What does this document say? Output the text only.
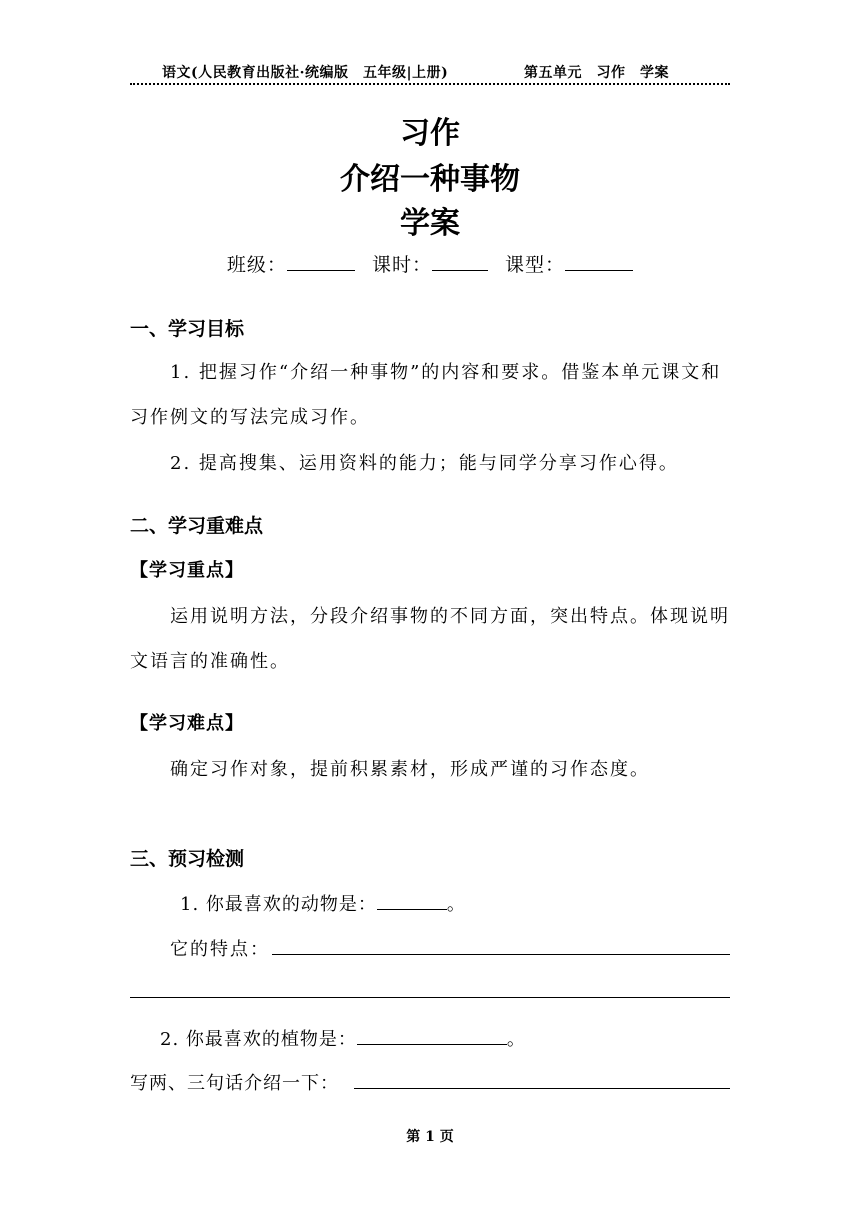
语文(人民教育出版社·统编版　五年级|上册)	第五单元　习作　学案
习作
介绍一种事物
学案
班级：	课时：	课型：
一、学习目标
1. 把握习作“介绍一种事物”的内容和要求。借鉴本单元课文和
习作例文的写法完成习作。
2. 提高搜集、运用资料的能力；能与同学分享习作心得。
二、学习重难点
【学习重点】
运用说明方法，分段介绍事物的不同方面，突出特点。体现说明
文语言的准确性。
【学习难点】
确定习作对象，提前积累素材，形成严谨的习作态度。
三、预习检测
1. 你最喜欢的动物是：	。
它的特点：
2. 你最喜欢的植物是：	。
写两、三句话介绍一下：
第 1 页
